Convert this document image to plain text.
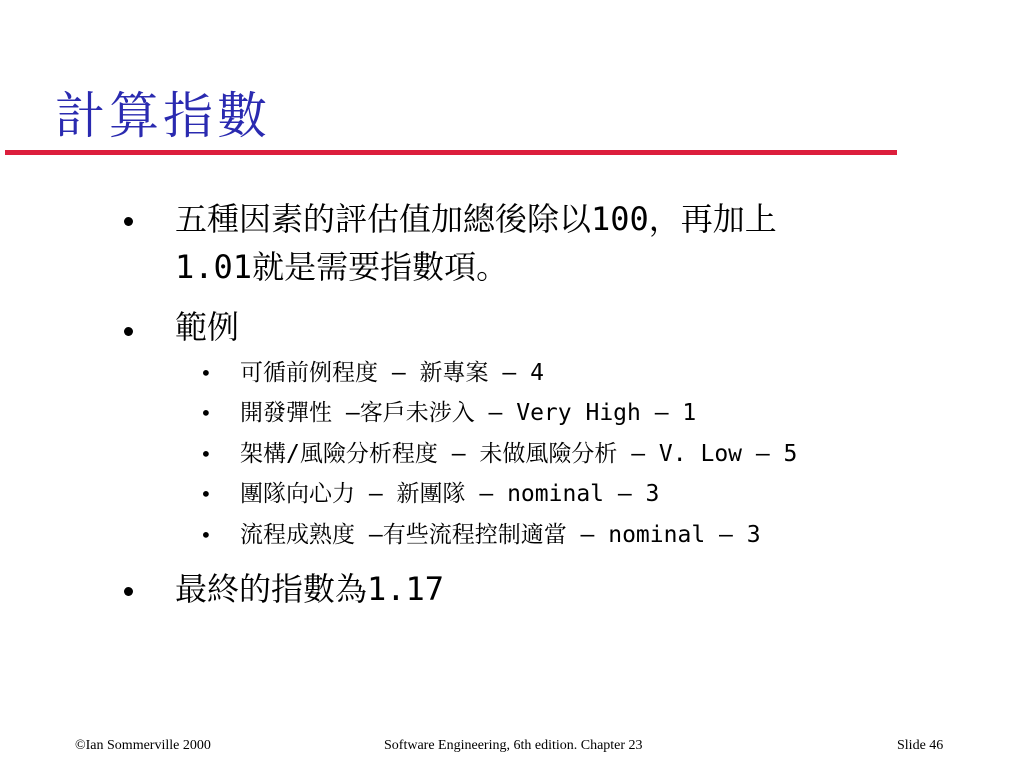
計算指數
五種因素的評估值加總後除以100，再加上
1.01就是需要指數項。
範例
• 可循前例程度 – 新專案 – 4
• 開發彈性 –客戶未涉入 – Very High – 1
• 架構/風險分析程度 – 未做風險分析 – V. Low – 5
• 團隊向心力 – 新團隊 – nominal – 3
• 流程成熟度 –有些流程控制適當 – nominal – 3
最終的指數為1.17
©Ian Sommerville 2000	Software Engineering, 6th edition. Chapter 23	Slide 46
